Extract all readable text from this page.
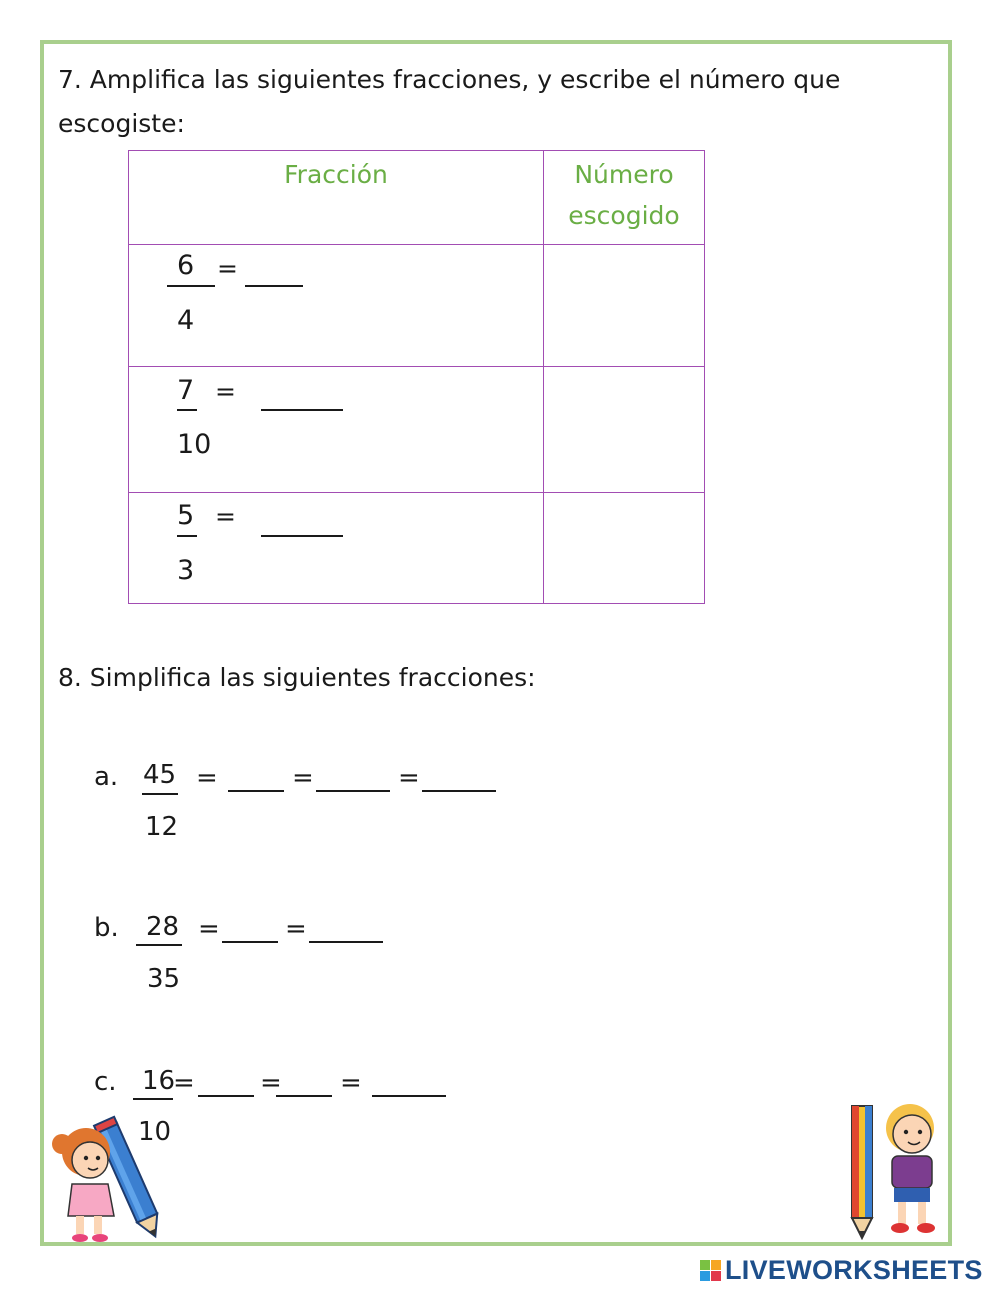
7. Amplifica las siguientes fracciones, y escribe el número que escogiste:
Fracción	Número
escogido

6 =
4	

7 =
10	

5 =
3	

8. Simplifica las siguientes fracciones:
a. 45
12
=	=	=
b. 28
35
=	=
c. 16
10
=	= =
LIVEWORKSHEETS
